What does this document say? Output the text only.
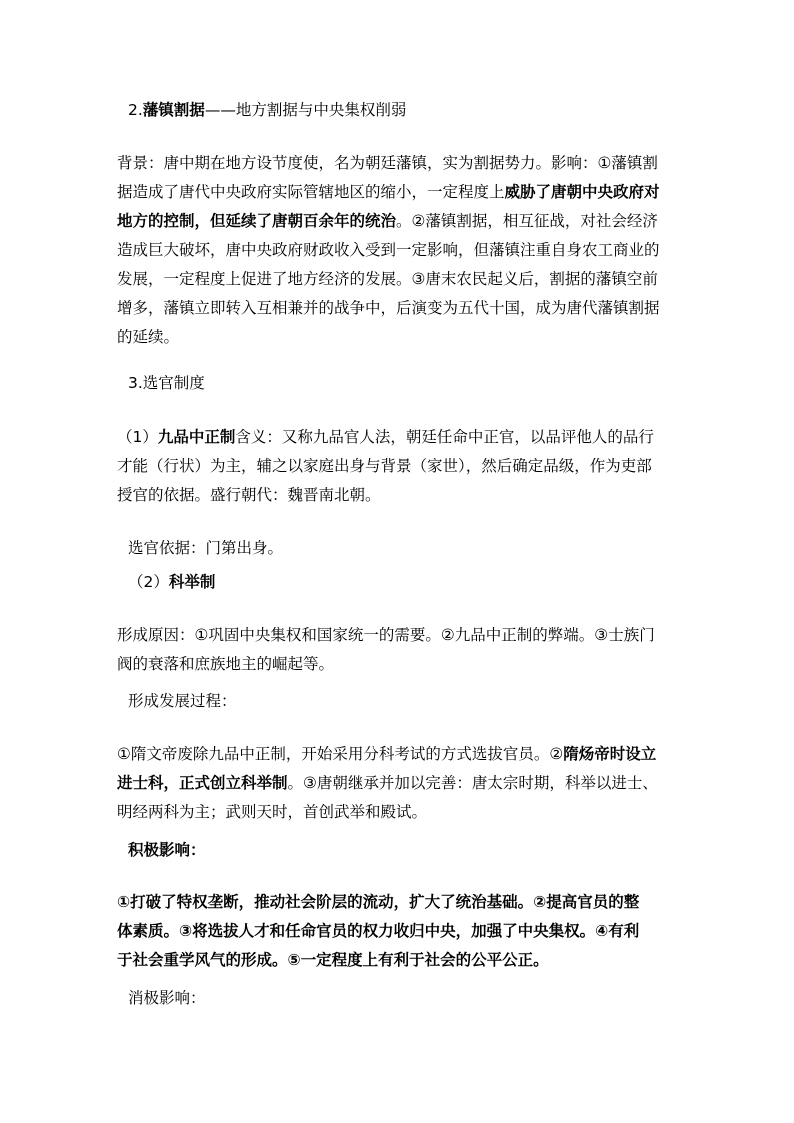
2.藩镇割据——地方割据与中央集权削弱
背景：唐中期在地方设节度使，名为朝廷藩镇，实为割据势力。影响：①藩镇割
据造成了唐代中央政府实际管辖地区的缩小，一定程度上威胁了唐朝中央政府对
地方的控制，但延续了唐朝百余年的统治。②藩镇割据，相互征战，对社会经济
造成巨大破坏，唐中央政府财政收入受到一定影响，但藩镇注重自身农工商业的
发展，一定程度上促进了地方经济的发展。③唐末农民起义后，割据的藩镇空前
增多，藩镇立即转入互相兼并的战争中，后演变为五代十国，成为唐代藩镇割据
的延续。
3.选官制度
（1）九品中正制含义：又称九品官人法，朝廷任命中正官，以品评他人的品行
才能（行状）为主，辅之以家庭出身与背景（家世），然后确定品级，作为吏部
授官的依据。盛行朝代：魏晋南北朝。
选官依据：门第出身。
（2）科举制
形成原因：①巩固中央集权和国家统一的需要。②九品中正制的弊端。③士族门
阀的衰落和庶族地主的崛起等。
形成发展过程：
①隋文帝废除九品中正制，开始采用分科考试的方式选拔官员。②隋炀帝时设立
进士科，正式创立科举制。③唐朝继承并加以完善：唐太宗时期，科举以进士、
明经两科为主；武则天时，首创武举和殿试。
积极影响：
①打破了特权垄断，推动社会阶层的流动，扩大了统治基础。②提高官员的整
体素质。③将选拔人才和任命官员的权力收归中央，加强了中央集权。④有利
于社会重学风气的形成。⑤一定程度上有利于社会的公平公正。
消极影响：
